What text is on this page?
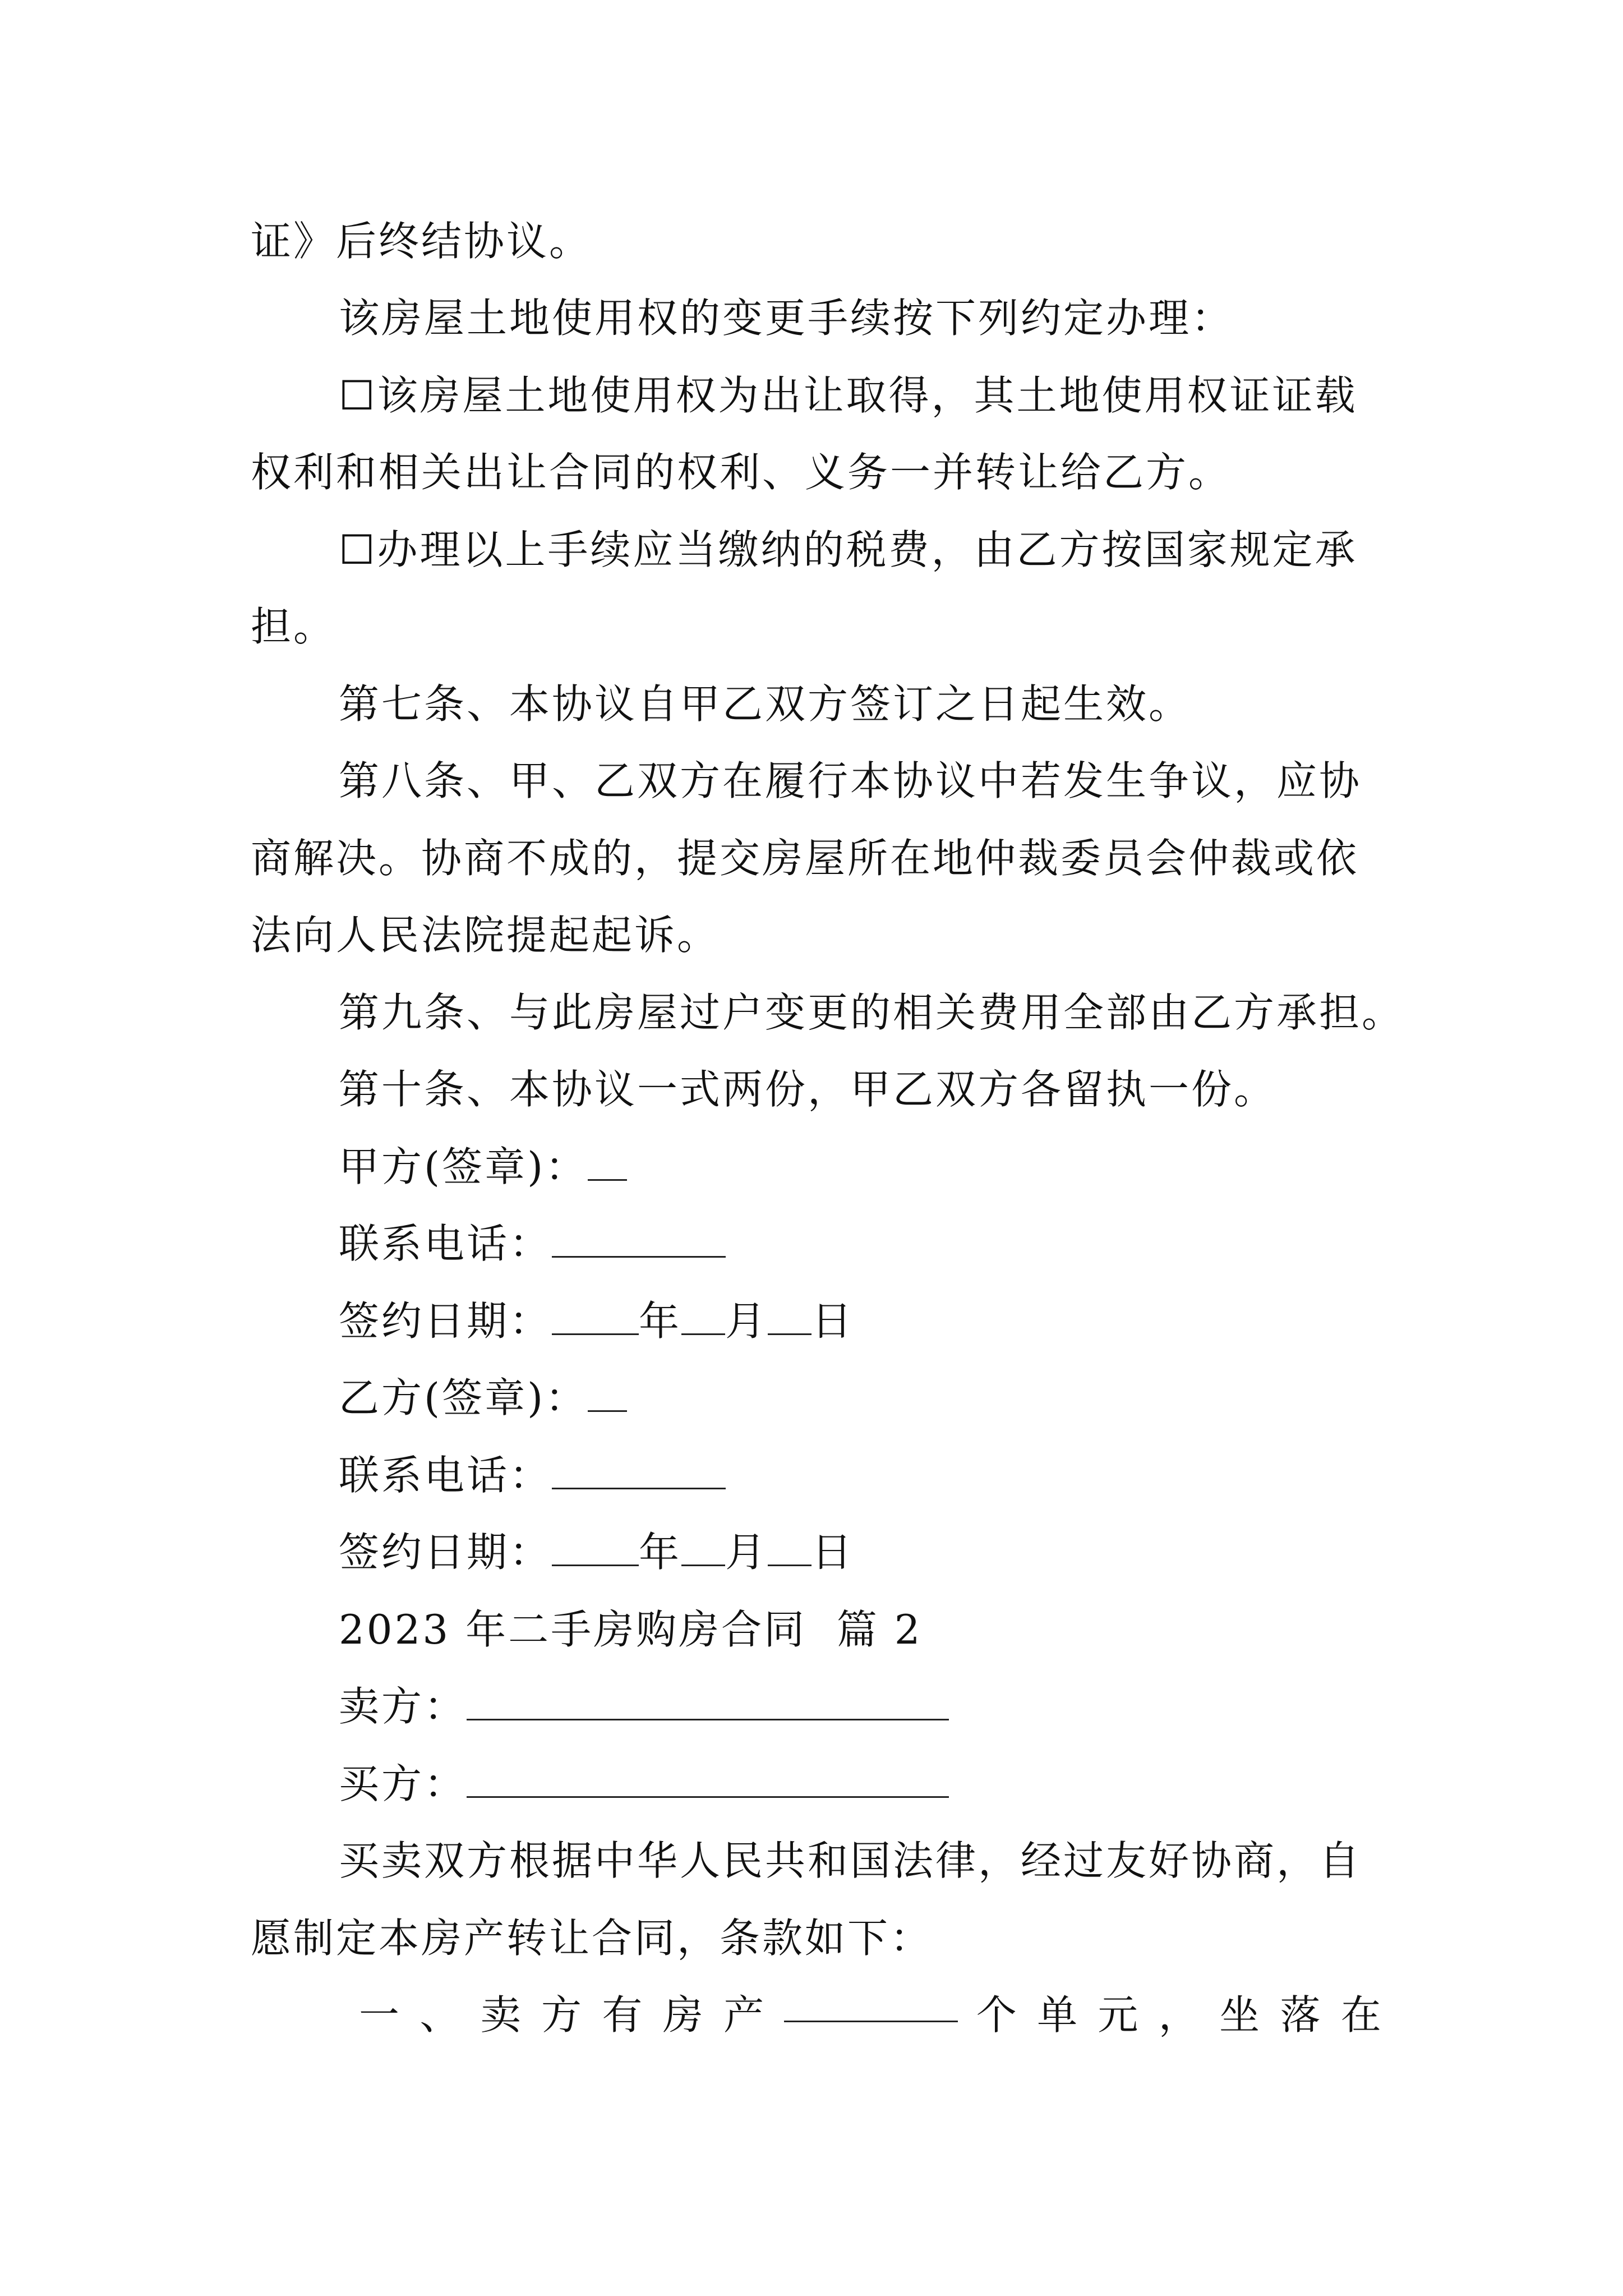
证》后终结协议。
该房屋土地使用权的变更手续按下列约定办理：
☐该房屋土地使用权为出让取得，其土地使用权证证载
权利和相关出让合同的权利、义务一并转让给乙方。
☐办理以上手续应当缴纳的税费，由乙方按国家规定承
担。
第七条、本协议自甲乙双方签订之日起生效。
第八条、甲、乙双方在履行本协议中若发生争议，应协
商解决。协商不成的，提交房屋所在地仲裁委员会仲裁或依
法向人民法院提起起诉。
第九条、与此房屋过户变更的相关费用全部由乙方承担。
第十条、本协议一式两份，甲乙双方各留执一份。
甲方(签章)：
联系电话：
签约日期： 年 月 日
乙方(签章)：
联系电话：
签约日期： 年 月 日
2023 年二手房购房合同  篇 2
卖方：
买方：
买卖双方根据中华人民共和国法律，经过友好协商，自
愿制定本房产转让合同，条款如下：
一 、 卖 方 有 房 产	个 单 元 ， 坐 落 在
